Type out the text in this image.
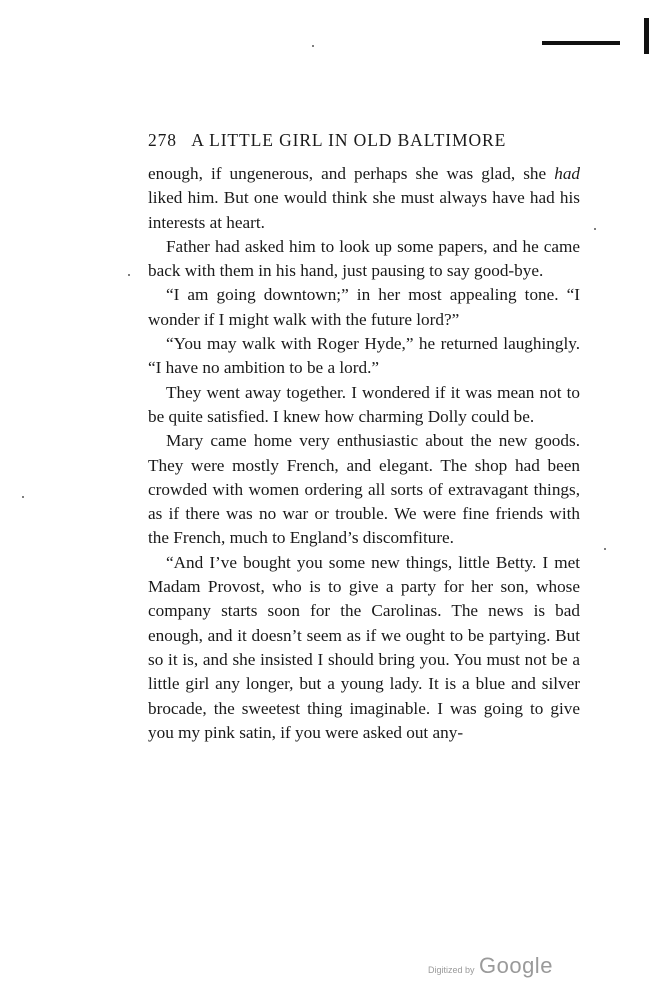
278 A LITTLE GIRL IN OLD BALTIMORE

enough, if ungenerous, and perhaps she was glad, she had liked him. But one would think she must always have had his interests at heart.

Father had asked him to look up some papers, and he came back with them in his hand, just pausing to say good-bye.

“I am going downtown;” in her most appealing tone. “I wonder if I might walk with the future lord?”

“You may walk with Roger Hyde,” he returned laughingly. “I have no ambition to be a lord.”

They went away together. I wondered if it was mean not to be quite satisfied. I knew how charming Dolly could be.

Mary came home very enthusiastic about the new goods. They were mostly French, and elegant. The shop had been crowded with women ordering all sorts of extravagant things, as if there was no war or trouble. We were fine friends with the French, much to England’s discomfiture.

“And I’ve bought you some new things, little Betty. I met Madam Provost, who is to give a party for her son, whose company starts soon for the Carolinas. The news is bad enough, and it doesn’t seem as if we ought to be partying. But so it is, and she insisted I should bring you. You must not be a little girl any longer, but a young lady. It is a blue and silver brocade, the sweetest thing imaginable. I was going to give you my pink satin, if you were asked out any-

Digitized by Google
